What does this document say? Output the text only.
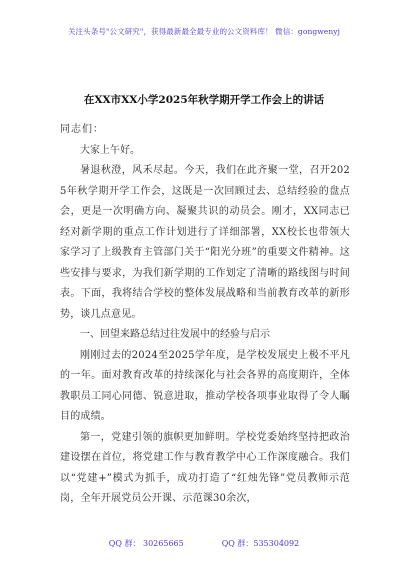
关注头条号"公文研究"，获得最新最全最专业的公文资料库！ 微信：gongwenyj
在XX市XX小学2025年秋学期开学工作会上的讲话

同志们：

大家上午好。

暑退秋澄，风禾尽起。今天，我们在此齐聚一堂，召开2025年秋学期开学工作会，这既是一次回顾过去、总结经验的盘点会，更是一次明确方向、凝聚共识的动员会。刚才，XX同志已经对新学期的重点工作计划进行了详细部署，XX校长也带领大家学习了上级教育主管部门关于“阳光分班”的重要文件精神。这些安排与要求，为我们新学期的工作划定了清晰的路线图与时间表。下面，我将结合学校的整体发展战略和当前教育改革的新形势，谈几点意见。

一、回望来路总结过往发展中的经验与启示

刚刚过去的2024至2025学年度，是学校发展史上极不平凡的一年。面对教育改革的持续深化与社会各界的高度期许，全体教职员工同心同德、锐意进取，推动学校各项事业取得了令人瞩目的成绩。

第一，党建引领的旗帜更加鲜明。学校党委始终坚持把政治建设摆在首位，将党建工作与教育教学中心工作深度融合。我们以“党建+”模式为抓手，成功打造了“红烛先锋”党员教师示范岗，全年开展党员公开课、示范课30余次，

QQ 群： 30265665	QQ 群：535304092
